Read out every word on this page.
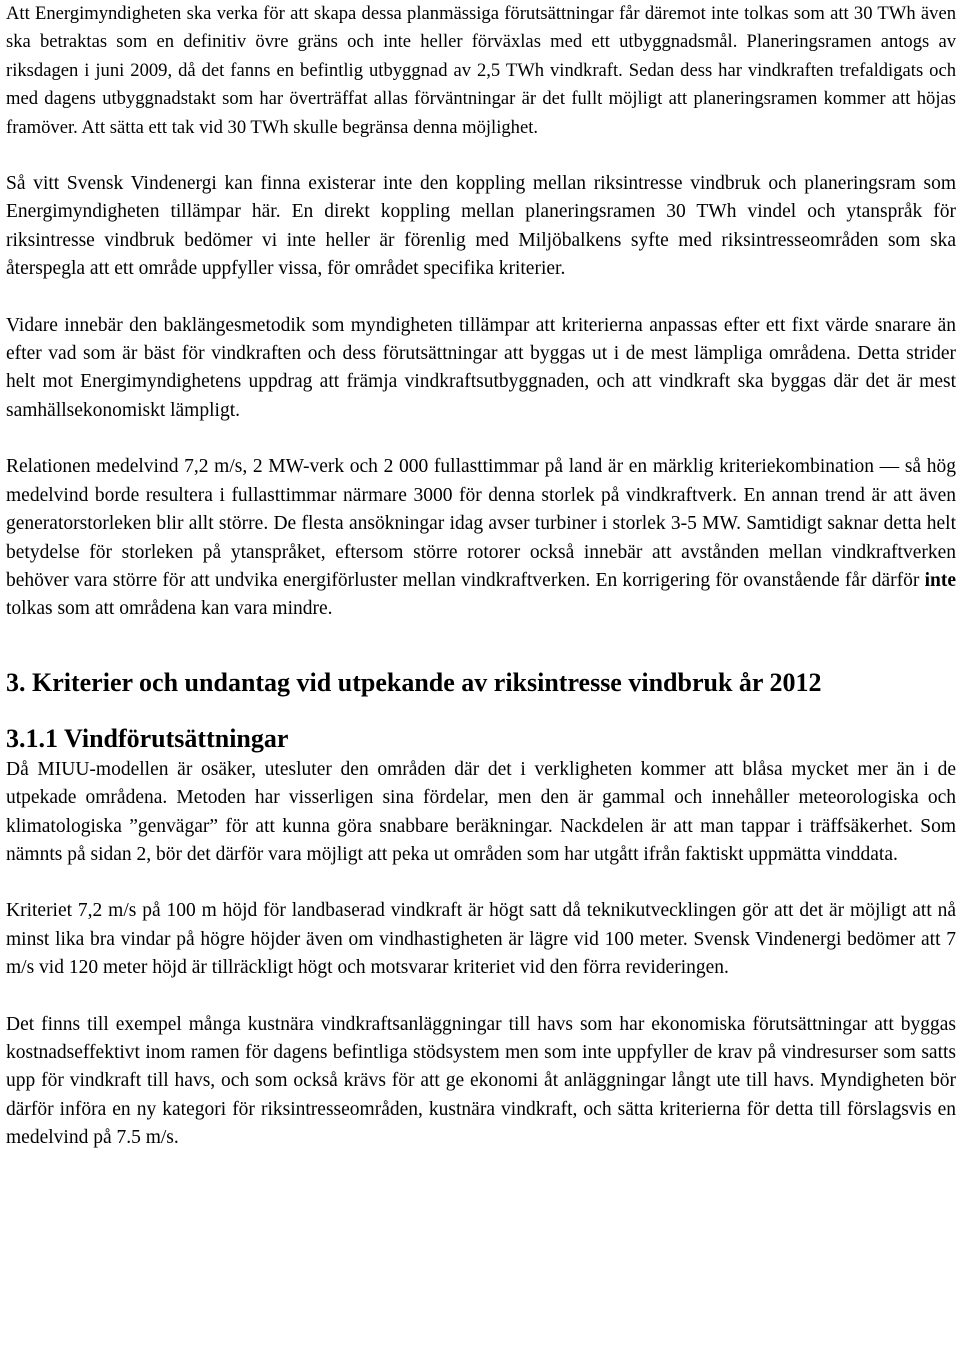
Att Energimyndigheten ska verka för att skapa dessa planmässiga förutsättningar får däremot inte tolkas som att 30 TWh även ska betraktas som en definitiv övre gräns och inte heller förväxlas med ett utbyggnadsmål. Planeringsramen antogs av riksdagen i juni 2009, då det fanns en befintlig utbyggnad av 2,5 TWh vindkraft. Sedan dess har vindkraften trefaldigats och med dagens utbyggnadstakt som har överträffat allas förväntningar är det fullt möjligt att planeringsramen kommer att höjas framöver. Att sätta ett tak vid 30 TWh skulle begränsa denna möjlighet.

Så vitt Svensk Vindenergi kan finna existerar inte den koppling mellan riksintresse vindbruk och planeringsram som Energimyndigheten tillämpar här. En direkt koppling mellan planeringsramen 30 TWh vindel och ytanspråk för riksintresse vindbruk bedömer vi inte heller är förenlig med Miljöbalkens syfte med riksintresseområden som ska återspegla att ett område uppfyller vissa, för området specifika kriterier.

Vidare innebär den baklängesmetodik som myndigheten tillämpar att kriterierna anpassas efter ett fixt värde snarare än efter vad som är bäst för vindkraften och dess förutsättningar att byggas ut i de mest lämpliga områdena. Detta strider helt mot Energimyndighetens uppdrag att främja vindkraftsutbyggnaden, och att vindkraft ska byggas där det är mest samhällsekonomiskt lämpligt.

Relationen medelvind 7,2 m/s, 2 MW-verk och 2 000 fullasttimmar på land är en märklig kriteriekombination — så hög medelvind borde resultera i fullasttimmar närmare 3000 för denna storlek på vindkraftverk. En annan trend är att även generatorstorleken blir allt större. De flesta ansökningar idag avser turbiner i storlek 3-5 MW. Samtidigt saknar detta helt betydelse för storleken på ytanspråket, eftersom större rotorer också innebär att avstånden mellan vindkraftverken behöver vara större för att undvika energiförluster mellan vindkraftverken. En korrigering för ovanstående får därför inte tolkas som att områdena kan vara mindre.

3. Kriterier och undantag vid utpekande av riksintresse vindbruk år 2012
3.1.1 Vindförutsättningar

Då MIUU-modellen är osäker, utesluter den områden där det i verkligheten kommer att blåsa mycket mer än i de utpekade områdena. Metoden har visserligen sina fördelar, men den är gammal och innehåller meteorologiska och klimatologiska ”genvägar” för att kunna göra snabbare beräkningar. Nackdelen är att man tappar i träffsäkerhet. Som nämnts på sidan 2, bör det därför vara möjligt att peka ut områden som har utgått ifrån faktiskt uppmätta vinddata.

Kriteriet 7,2 m/s på 100 m höjd för landbaserad vindkraft är högt satt då teknikutvecklingen gör att det är möjligt att nå minst lika bra vindar på högre höjder även om vindhastigheten är lägre vid 100 meter. Svensk Vindenergi bedömer att 7 m/s vid 120 meter höjd är tillräckligt högt och motsvarar kriteriet vid den förra revideringen.

Det finns till exempel många kustnära vindkraftsanläggningar till havs som har ekonomiska förutsättningar att byggas kostnadseffektivt inom ramen för dagens befintliga stödsystem men som inte uppfyller de krav på vindresurser som satts upp för vindkraft till havs, och som också krävs för att ge ekonomi åt anläggningar långt ute till havs. Myndigheten bör därför införa en ny kategori för riksintresseområden, kustnära vindkraft, och sätta kriterierna för detta till förslagsvis en medelvind på 7.5 m/s.
